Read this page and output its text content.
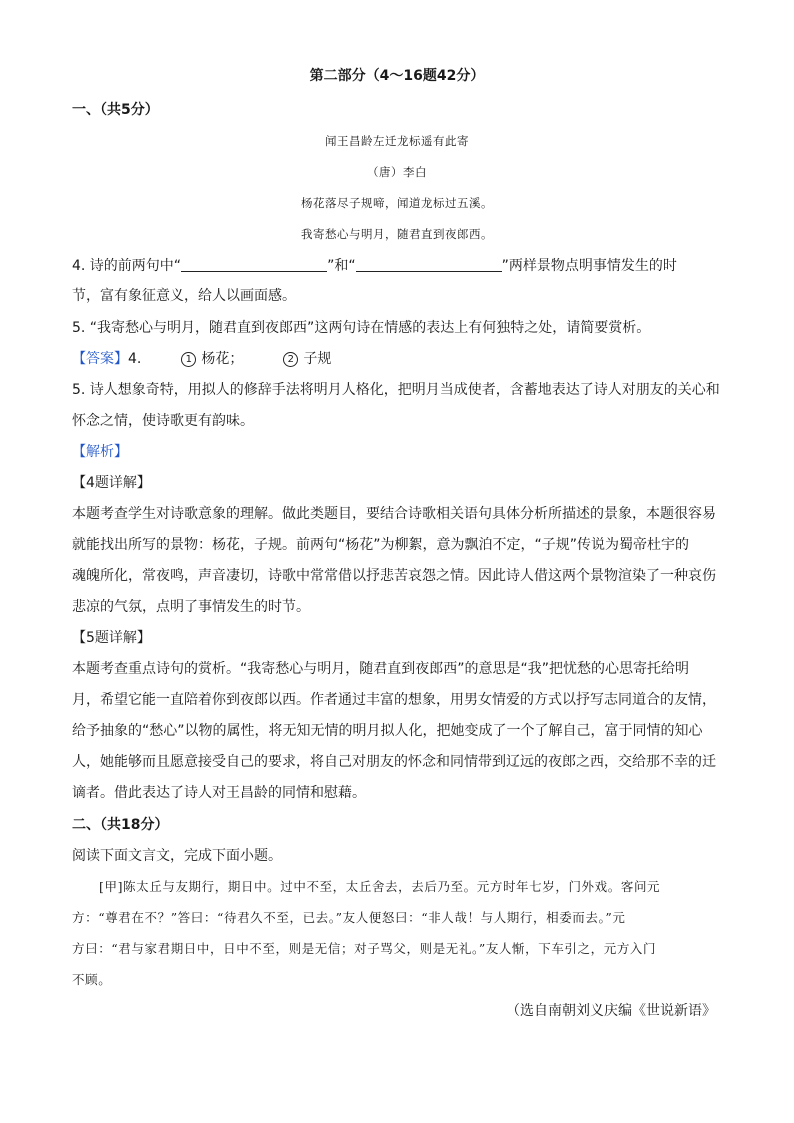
第二部分（4～16题42分）
一、（共5分）
闻王昌龄左迁龙标遥有此寄
（唐）李白
杨花落尽子规啼，闻道龙标过五溪。
我寄愁心与明月，随君直到夜郎西。
4. 诗的前两句中“	”和“	”两样景物点明事情发生的时
节，富有象征意义，给人以画面感。
5. “我寄愁心与明月，随君直到夜郎西”这两句诗在情感的表达上有何独特之处，请简要赏析。
【答案】4.	1 杨花；	2 子规
5. 诗人想象奇特，用拟人的修辞手法将明月人格化，把明月当成使者，含蓄地表达了诗人对朋友的关心和
怀念之情，使诗歌更有韵味。
【解析】
【4题详解】
本题考查学生对诗歌意象的理解。做此类题目，要结合诗歌相关语句具体分析所描述的景象，本题很容易
就能找出所写的景物：杨花，子规。前两句“杨花”为柳絮，意为飘泊不定，“子规”传说为蜀帝杜宇的
魂魄所化，常夜鸣，声音凄切，诗歌中常常借以抒悲苦哀怨之情。因此诗人借这两个景物渲染了一种哀伤
悲凉的气氛，点明了事情发生的时节。
【5题详解】
本题考查重点诗句的赏析。“我寄愁心与明月，随君直到夜郎西”的意思是“我”把忧愁的心思寄托给明
月，希望它能一直陪着你到夜郎以西。作者通过丰富的想象，用男女情爱的方式以抒写志同道合的友情，
给予抽象的“愁心”以物的属性，将无知无情的明月拟人化，把她变成了一个了解自己，富于同情的知心
人，她能够而且愿意接受自己的要求，将自己对朋友的怀念和同情带到辽远的夜郎之西，交给那不幸的迁
谪者。借此表达了诗人对王昌龄的同情和慰藉。
二、（共18分）
阅读下面文言文，完成下面小题。
[甲]陈太丘与友期行，期日中。过中不至，太丘舍去，去后乃至。元方时年七岁，门外戏。客问元
方：“尊君在不？”答曰：“待君久不至，已去。”友人便怒曰：“非人哉！与人期行，相委而去。”元
方曰：“君与家君期日中，日中不至，则是无信；对子骂父，则是无礼。”友人惭，下车引之，元方入门
不顾。
（选自南朝刘义庆编《世说新语》
